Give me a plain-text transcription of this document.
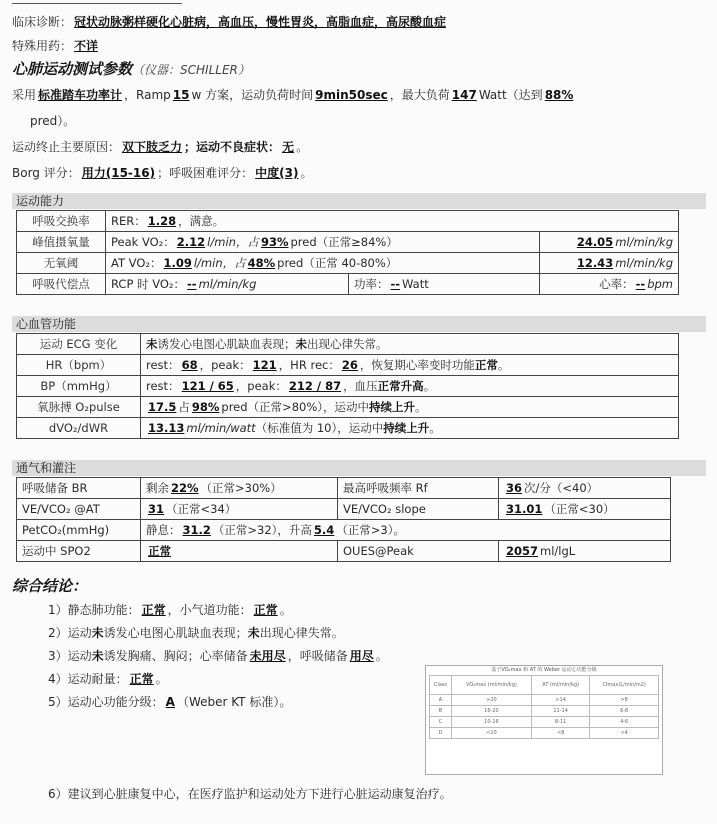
临床诊断： 冠状动脉粥样硬化心脏病，高血压，慢性胃炎，高脂血症，高尿酸血症
特殊用药： 不详
心肺运动测试参数（仪器：SCHILLER）
采用 标准踏车功率计 ，Ramp 15 w 方案，运动负荷时间 9min50sec ，最大负荷 147 Watt（达到 88%
pred）。
运动终止主要原因： 双下肢乏力 ；运动不良症状： 无 。
Borg 评分： 用力(15-16) ；呼吸困难评分： 中度(3) 。
运动能力
呼吸交换率	RER： 1.28 ，满意。		
峰值摄氧量	Peak VO₂： 2.12 l/min，占 93% pred（正常≥84%）		24.05 ml/min/kg
无氧阈	AT VO₂： 1.09 l/min，占 48% pred（正常 40-80%）		12.43 ml/min/kg
呼吸代偿点	RCP 时 VO₂： -- ml/min/kg	功率： -- Watt	心率： -- bpm
心血管功能
运动 ECG 变化	未诱发心电图心肌缺血表现；未出现心律失常。
HR（bpm）	rest： 68 ，peak： 121 ，HR rec： 26 ，恢复期心率变时功能正常。
BP（mmHg）	rest： 121 / 65 ，peak： 212 / 87 ，血压正常升高。
氧脉搏 O₂pulse	17.5 占 98% pred（正常>80%），运动中持续上升。
dVO₂/dWR	13.13 ml/min/watt（标准值为 10），运动中持续上升。
通气和灌注
呼吸储备 BR	剩余 22% （正常>30%）	最高呼吸频率 Rf	36 次/分（<40）
VE/VCO₂ @AT	31 （正常<34）	VE/VCO₂ slope	31.01 （正常<30）
PetCO₂(mmHg)	静息： 31.2 （正常>32），升高 5.4 （正常>3）。		
运动中 SPO2	正常	OUES@Peak	2057 ml/lgL
综合结论：
1）静态肺功能： 正常 ，小气道功能： 正常 。
2）运动未诱发心电图心肌缺血表现；未出现心律失常。
3）运动未诱发胸痛、胸闷；心率储备 未用尽 ，呼吸储备 用尽 。
4）运动耐量： 正常 。
5）运动心功能分级： A （Weber KT 标准）。
基于VO₂max 和 AT 的 Weber 运动心功能分级
Class	VO₂max (ml/min/kg)	AT (ml/min/kg)	CImax(L/min/m2)
A	>20	>14	>8
B	16-20	11-14	6-8
C	10-16	8-11	4-6
D	<10	<8	<4
6）建议到心脏康复中心，在医疗监护和运动处方下进行心脏运动康复治疗。
